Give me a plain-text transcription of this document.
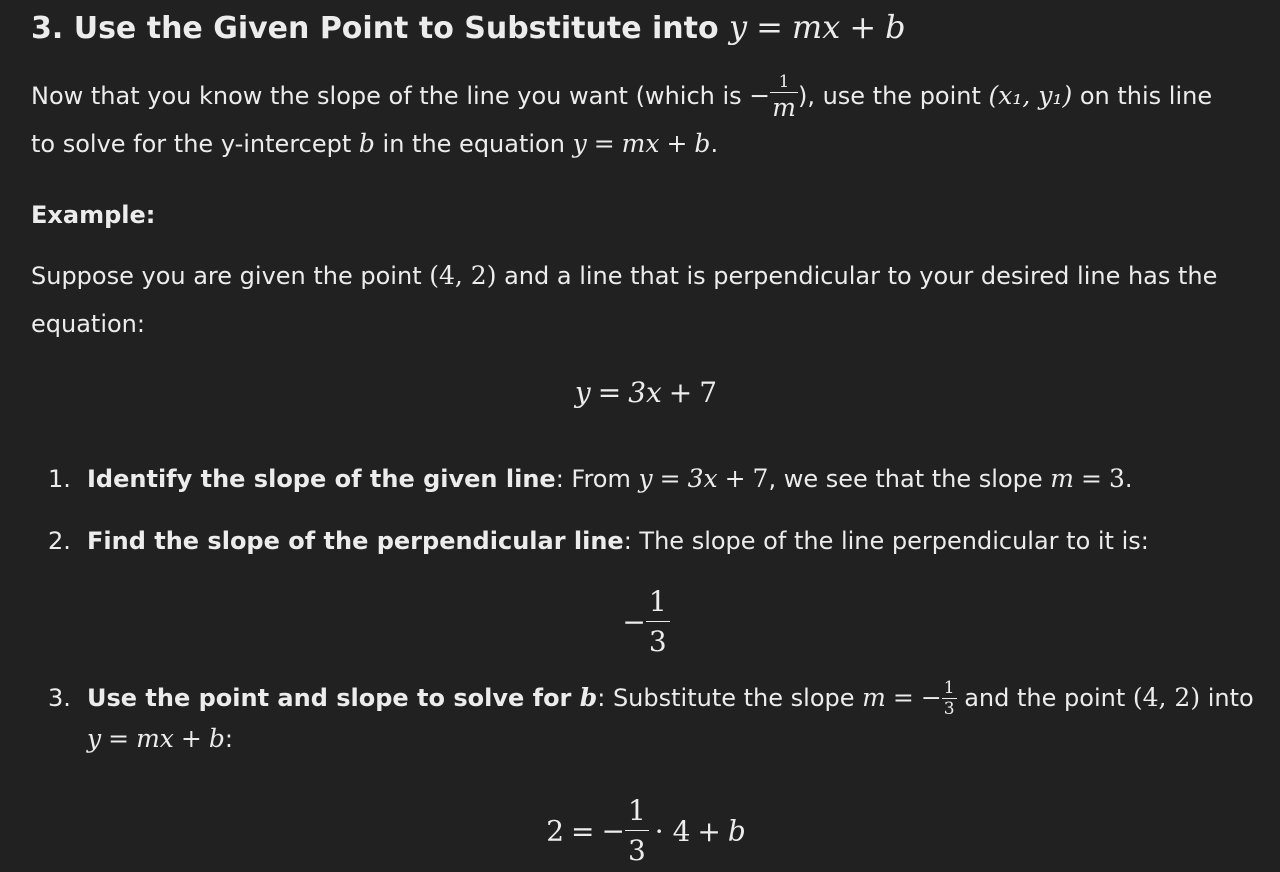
3. Use the Given Point to Substitute into y = mx + b
Now that you know the slope of the line you want (which is − $\frac{1}{m}$ ), use the point (x₁, y₁) on this line
to solve for the y-intercept b in the equation y = mx + b.
Example:
Suppose you are given the point (4, 2) and a line that is perpendicular to your desired line has the
equation:
y = 3x + 7
1. Identify the slope of the given line: From y = 3x + 7, we see that the slope m = 3.
2. Find the slope of the perpendicular line: The slope of the line perpendicular to it is:
− $\frac{1}{3}$
3. Use the point and slope to solve for b: Substitute the slope m = − $\frac{1}{3}$ and the point (4, 2) into
y = mx + b:
2 = − $\frac{1}{3} \cdot 4 + b$
